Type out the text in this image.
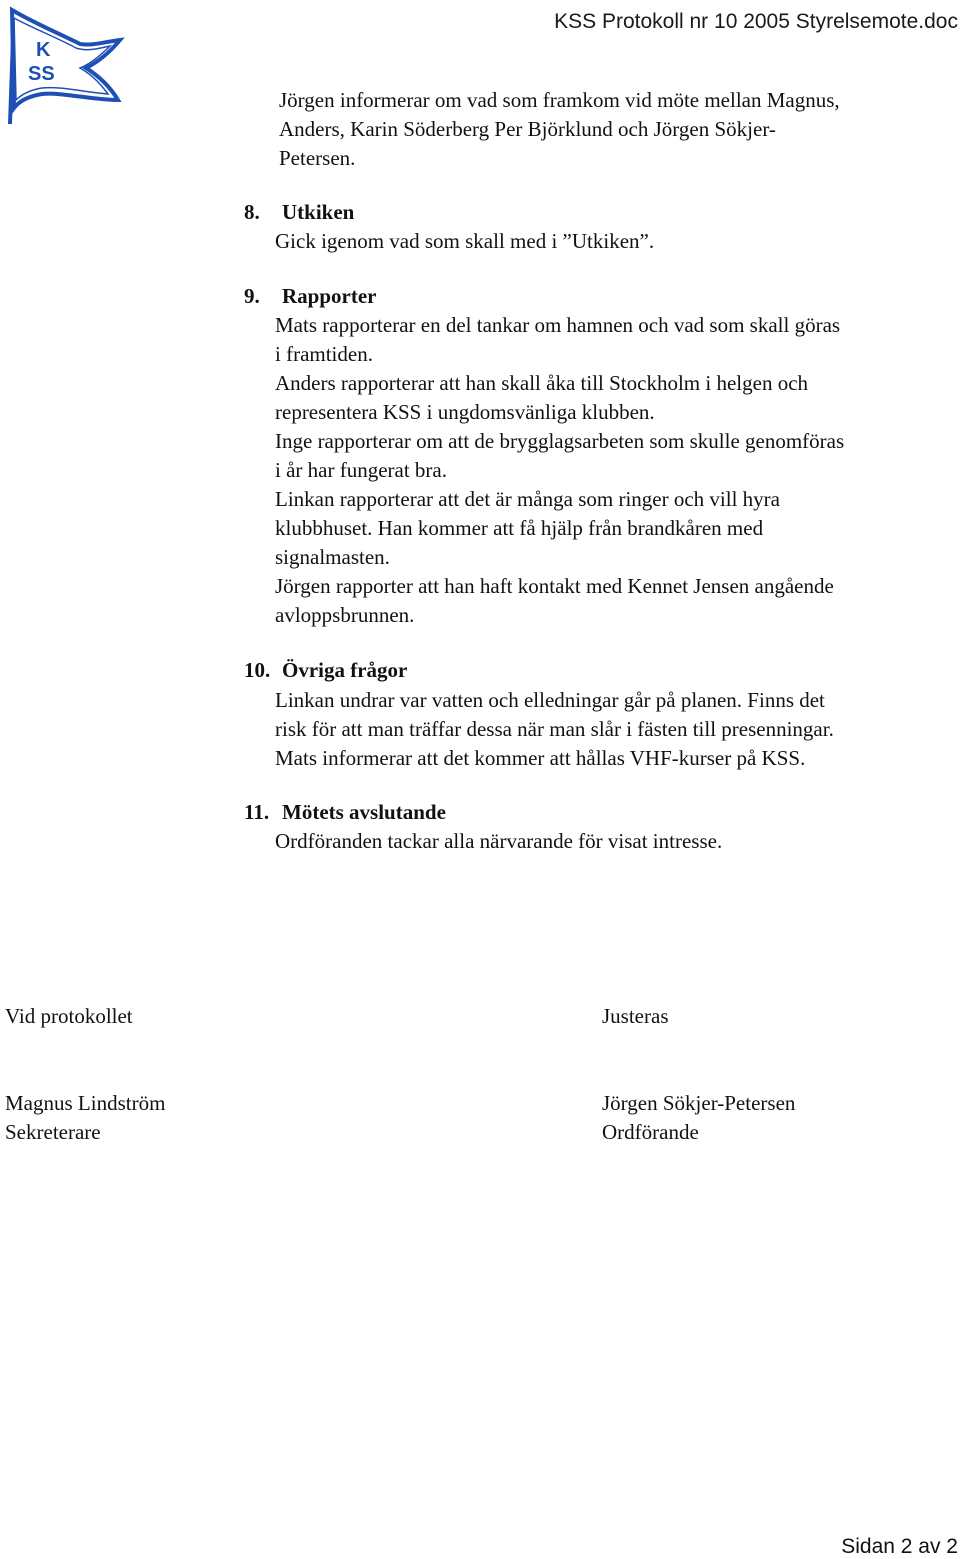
K
SS
KSS Protokoll nr 10 2005 Styrelsemote.doc
Jörgen informerar om vad som framkom vid möte mellan Magnus,
Anders, Karin Söderberg Per Björklund och Jörgen Sökjer-
Petersen.
8. Utkiken
Gick igenom vad som skall med i ”Utkiken”.
9. Rapporter
Mats rapporterar en del tankar om hamnen och vad som skall göras
i framtiden.
Anders rapporterar att han skall åka till Stockholm i helgen och
representera KSS i ungdomsvänliga klubben.
Inge rapporterar om att de brygglagsarbeten som skulle genomföras
i år har fungerat bra.
Linkan rapporterar att det är många som ringer och vill hyra
klubbhuset. Han kommer att få hjälp från brandkåren med
signalmasten.
Jörgen rapporter att han haft kontakt med Kennet Jensen angående
avloppsbrunnen.
10. Övriga frågor
Linkan undrar var vatten och elledningar går på planen. Finns det
risk för att man träffar dessa när man slår i fästen till presenningar.
Mats informerar att det kommer att hållas VHF-kurser på KSS.
11. Mötets avslutande
Ordföranden tackar alla närvarande för visat intresse.
Vid protokollet	Justeras
Magnus Lindström
Sekreterare
Jörgen Sökjer-Petersen
Ordförande
Sidan 2 av 2
